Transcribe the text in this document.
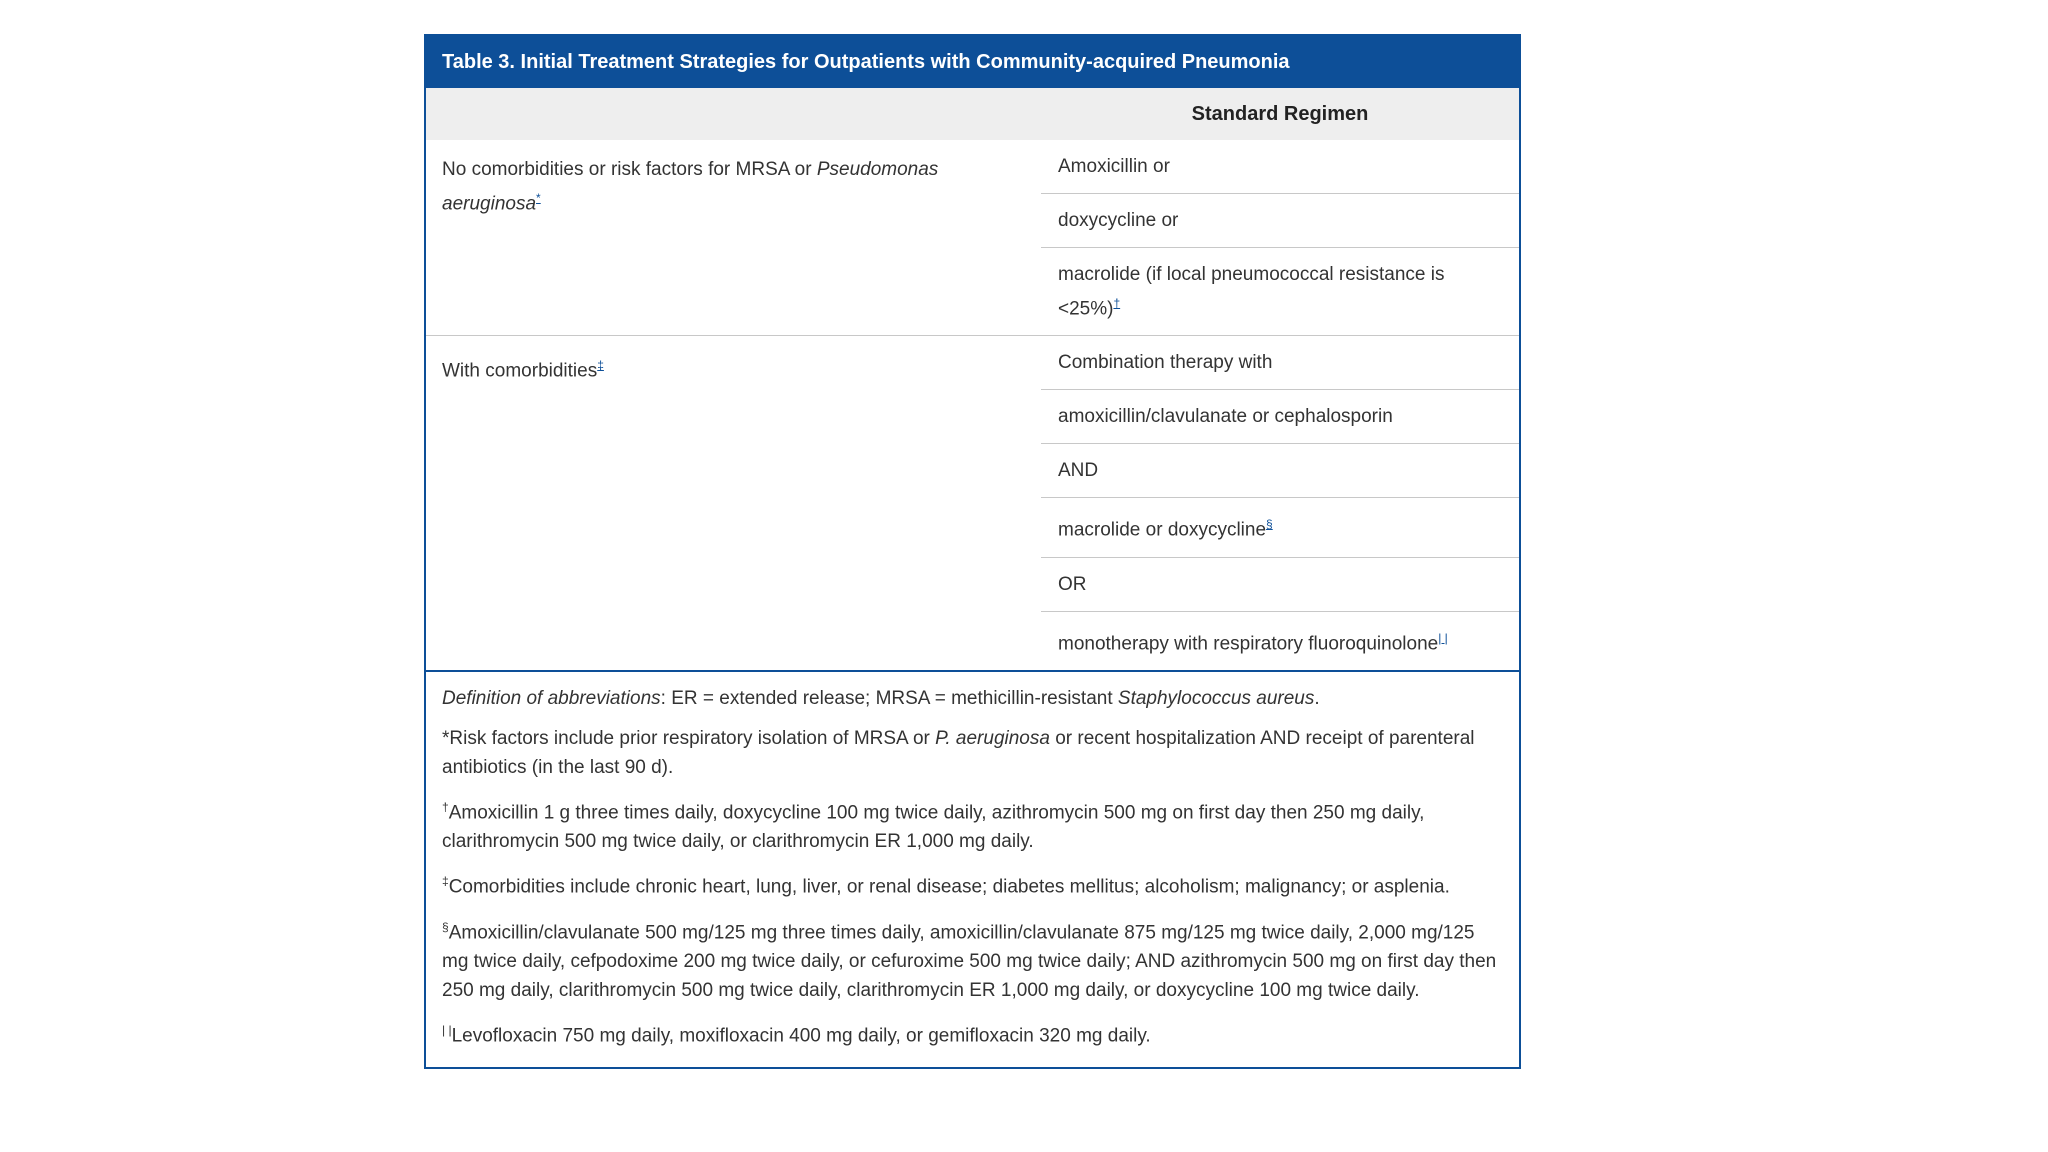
Table 3. Initial Treatment Strategies for Outpatients with Community-acquired Pneumonia
Standard Regimen
No comorbidities or risk factors for MRSA or Pseudomonas aeruginosa*
Amoxicillin or
doxycycline or
macrolide (if local pneumococcal resistance is <25%)†
With comorbidities‡	Combination therapy with
amoxicillin/clavulanate or cephalosporin
AND
macrolide or doxycycline§
OR
monotherapy with respiratory fluoroquinolone| |

Definition of abbreviations: ER = extended release; MRSA = methicillin-resistant Staphylococcus aureus.

*Risk factors include prior respiratory isolation of MRSA or P. aeruginosa or recent hospitalization AND receipt of parenteral antibiotics (in the last 90 d).

†Amoxicillin 1 g three times daily, doxycycline 100 mg twice daily, azithromycin 500 mg on first day then 250 mg daily, clarithromycin 500 mg twice daily, or clarithromycin ER 1,000 mg daily.

‡Comorbidities include chronic heart, lung, liver, or renal disease; diabetes mellitus; alcoholism; malignancy; or asplenia.

§Amoxicillin/clavulanate 500 mg/125 mg three times daily, amoxicillin/clavulanate 875 mg/125 mg twice daily, 2,000 mg/125 mg twice daily, cefpodoxime 200 mg twice daily, or cefuroxime 500 mg twice daily; AND azithromycin 500 mg on first day then 250 mg daily, clarithromycin 500 mg twice daily, clarithromycin ER 1,000 mg daily, or doxycycline 100 mg twice daily.

| |Levofloxacin 750 mg daily, moxifloxacin 400 mg daily, or gemifloxacin 320 mg daily.
